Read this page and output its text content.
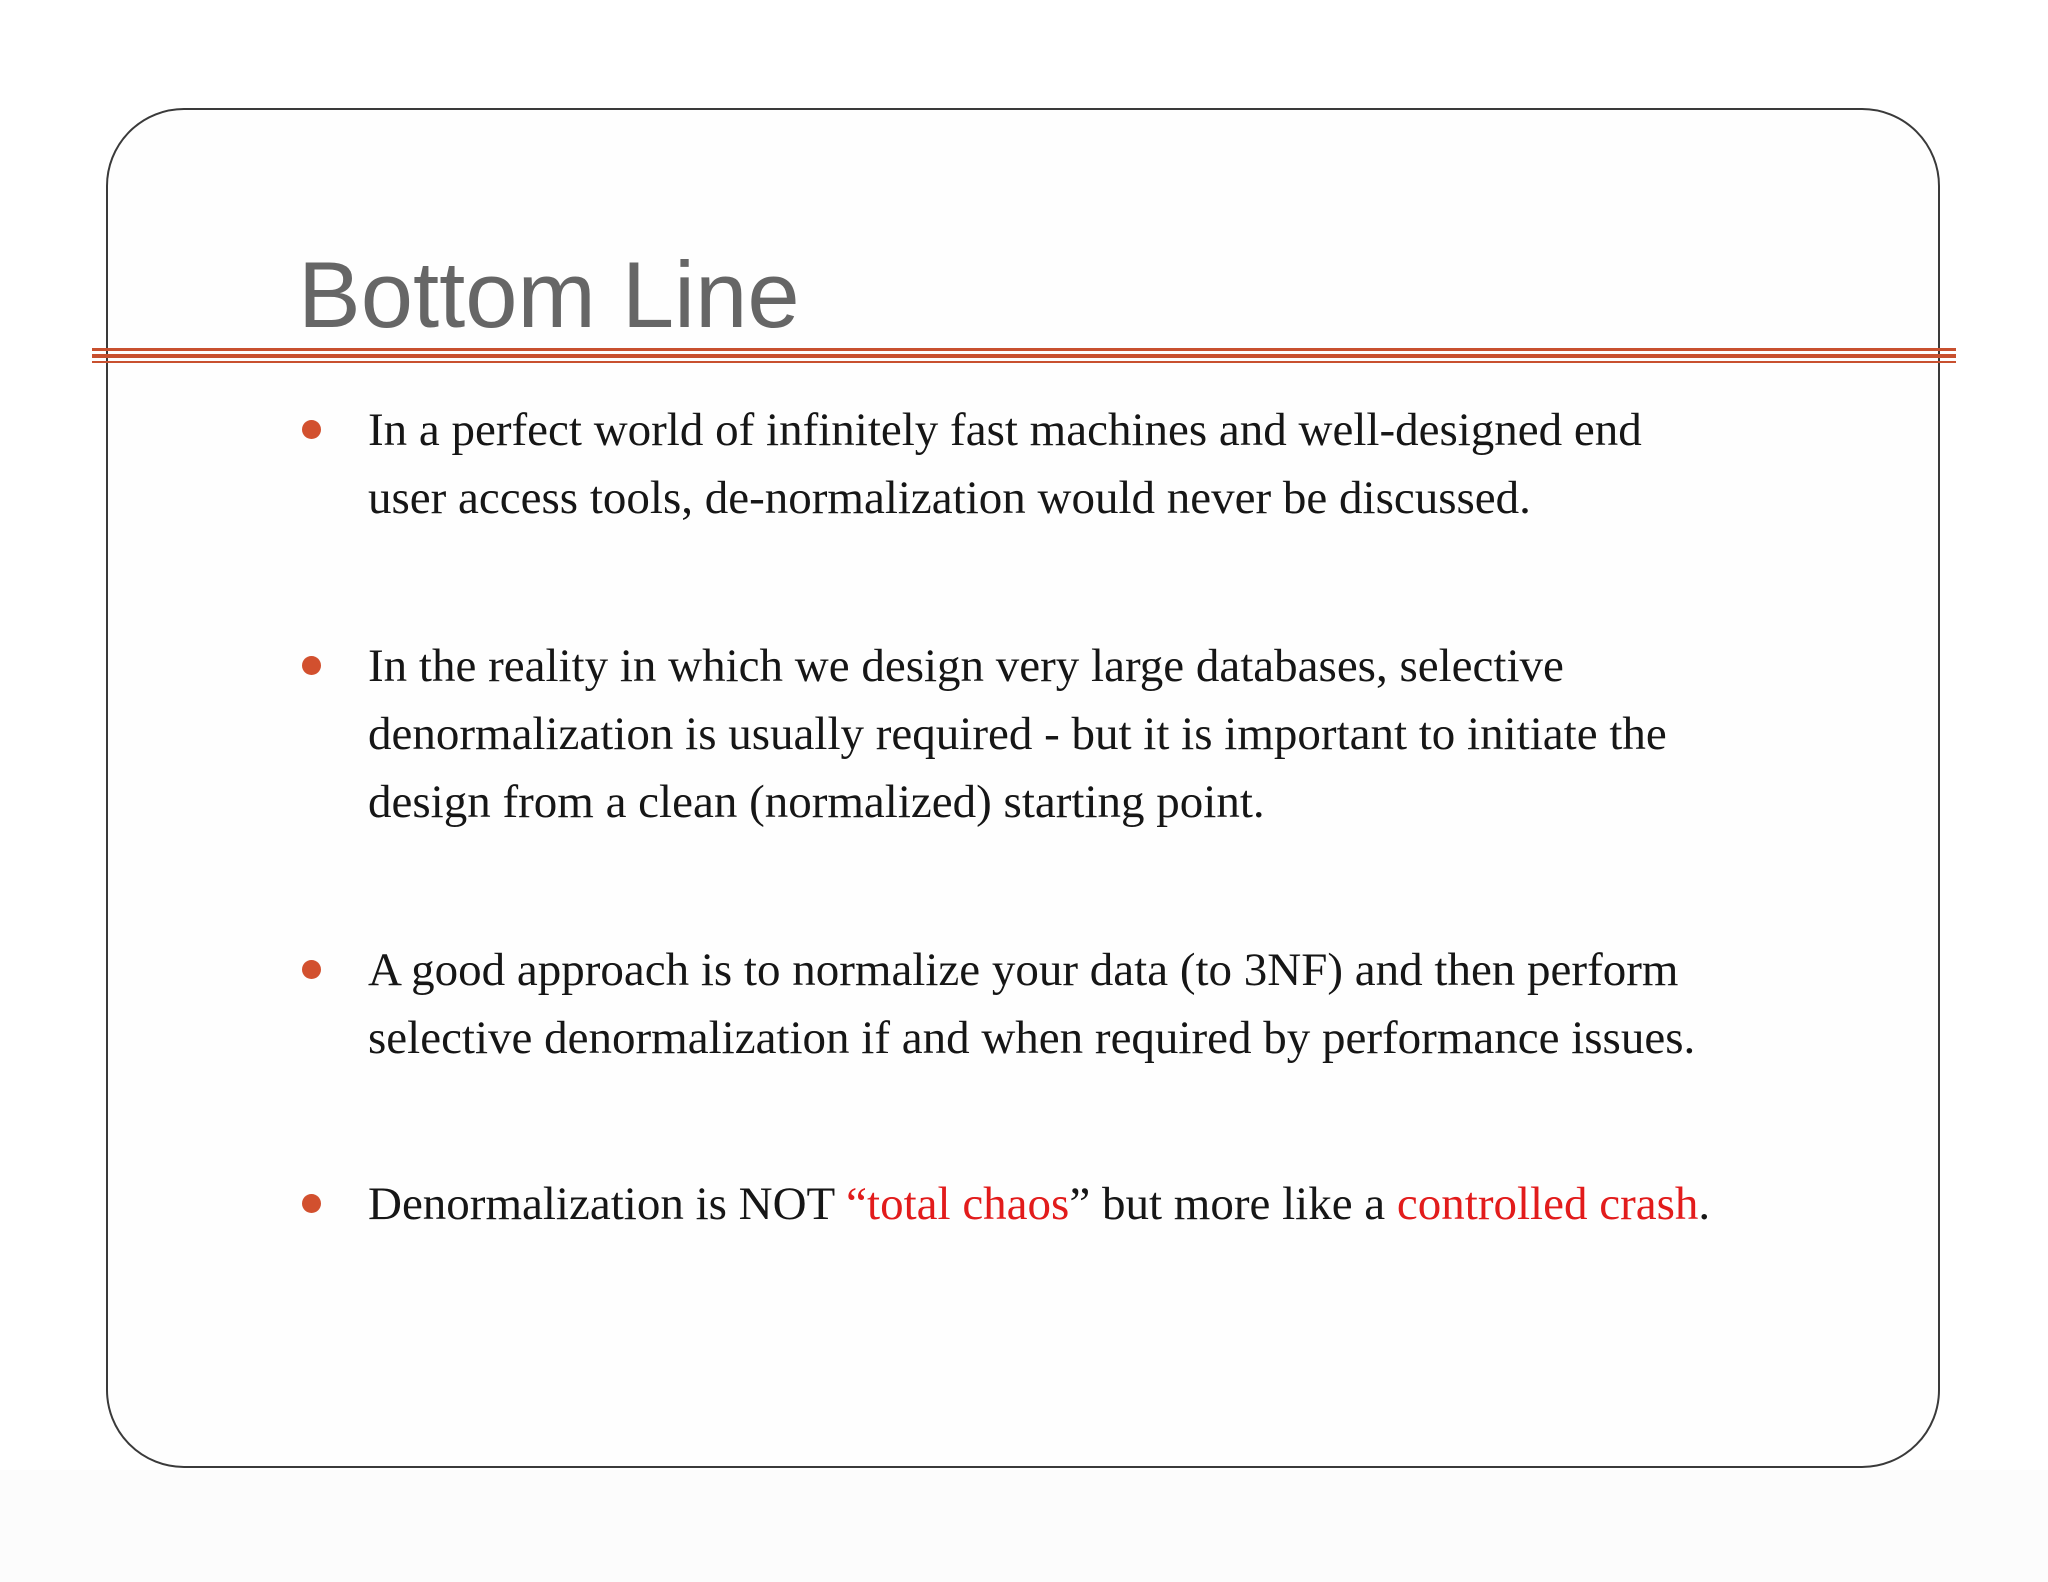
Bottom Line
In a perfect world of infinitely fast machines and well-designed end
user access tools, de-normalization would never be discussed.
In the reality in which we design very large databases, selective
denormalization is usually required - but it is important to initiate the
design from a clean (normalized) starting point.
A good approach is to normalize your data (to 3NF) and then perform
selective denormalization if and when required by performance issues.
Denormalization is NOT “total chaos” but more like a controlled crash.
